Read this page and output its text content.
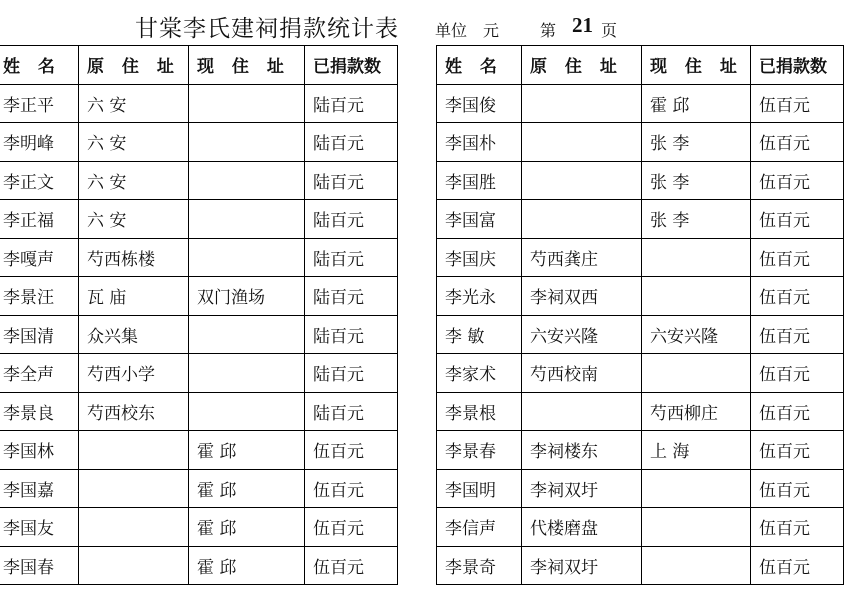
甘棠李氏建祠捐款统计表 单位 元	第 21 页
姓 名	原 住 址	现 住 址	已捐款数
李正平	六 安		陆百元
李明峰	六 安		陆百元
李正文	六 安		陆百元
李正福	六 安		陆百元
李嘎声	芍西栋楼		陆百元
李景汪	瓦 庙	双门渔场	陆百元
李国清	众兴集		陆百元
李全声	芍西小学		陆百元
李景良	芍西校东		陆百元
李国林		霍 邱	伍百元
李国嘉		霍 邱	伍百元
李国友		霍 邱	伍百元
李国春		霍 邱	伍百元
姓 名	原 住 址	现 住 址	已捐款数
李国俊		霍 邱	伍百元
李国朴		张 李	伍百元
李国胜		张 李	伍百元
李国富		张 李	伍百元
李国庆	芍西龚庄		伍百元
李光永	李祠双西		伍百元
李 敏	六安兴隆	六安兴隆	伍百元
李家术	芍西校南		伍百元
李景根		芍西柳庄	伍百元
李景春	李祠楼东	上 海	伍百元
李国明	李祠双圩		伍百元
李信声	代楼磨盘		伍百元
李景奇	李祠双圩		伍百元
